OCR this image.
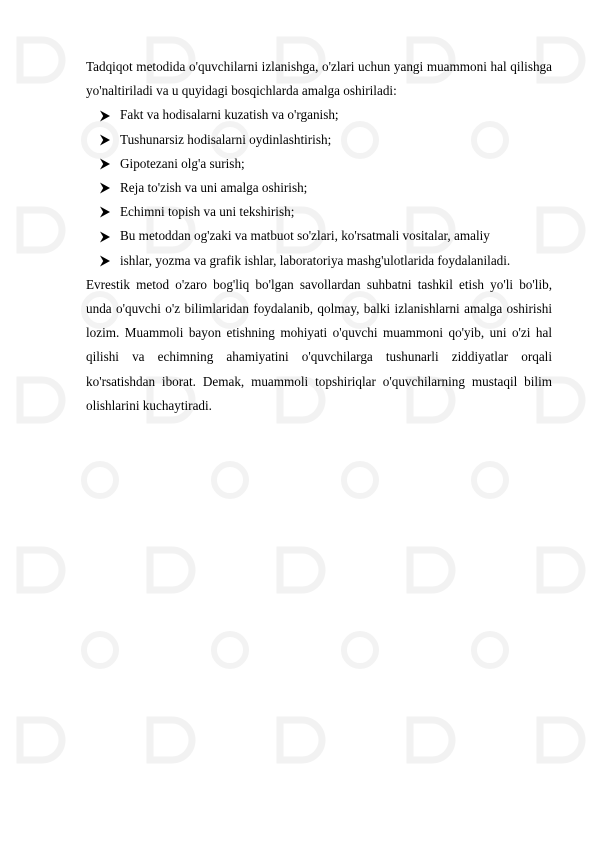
Tadqiqot metodida o'quvchilarni izlanishga, o'zlari uchun yangi muammoni hal qilishga yo'naltiriladi va u quyidagi bosqichlarda amalga oshiriladi:

Fakt va hodisalarni kuzatish va o'rganish;
Tushunarsiz hodisalarni oydinlashtirish;
Gipotezani olg'a surish;
Reja to'zish va uni amalga oshirish;
Echimni topish va uni tekshirish;
Bu metoddan og'zaki va matbuot so'zlari, ko'rsatmali vositalar, amaliy
ishlar, yozma va grafik ishlar, laboratoriya mashg'ulotlarida foydalaniladi.

Evrestik metod o'zaro bog'liq bo'lgan savollardan suhbatni tashkil etish yo'li bo'lib, unda o'quvchi o'z bilimlaridan foydalanib, qolmay, balki izlanishlarni amalga oshirishi lozim. Muammoli bayon etishning mohiyati o'quvchi muammoni qo'yib, uni o'zi hal qilishi va echimning ahamiyatini o'quvchilarga tushunarli ziddiyatlar orqali ko'rsatishdan iborat. Demak, muammoli topshiriqlar o'quvchilarning mustaqil bilim olishlarini kuchaytiradi.
